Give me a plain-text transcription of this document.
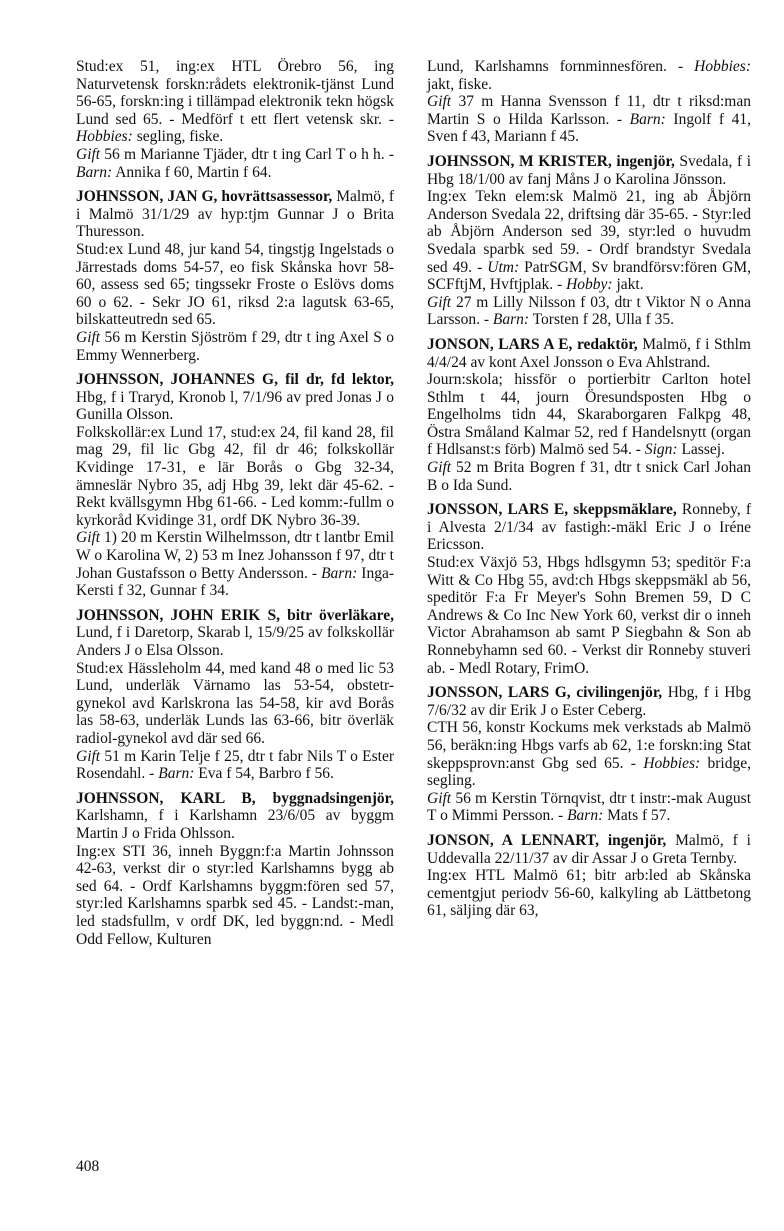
Stud:ex 51, ing:ex HTL Örebro 56, ing Naturvetensk forskn:rådets elektronik-tjänst Lund 56-65, forskn:ing i tillämpad elektronik tekn högsk Lund sed 65. - Medförf t ett flert vetensk skr. - Hobbies: segling, fiske.

Gift 56 m Marianne Tjäder, dtr t ing Carl T o h h. - Barn: Annika f 60, Martin f 64.

JOHNSSON, JAN G, hovrättsassessor, Malmö, f i Malmö 31/1/29 av hyp:tjm Gunnar J o Brita Thuresson.

Stud:ex Lund 48, jur kand 54, tingstjg Ingelstads o Järrestads doms 54-57, eo fisk Skånska hovr 58-60, assess sed 65; tingssekr Froste o Eslövs doms 60 o 62. - Sekr JO 61, riksd 2:a lagutsk 63-65, bilskatteutredn sed 65.

Gift 56 m Kerstin Sjöström f 29, dtr t ing Axel S o Emmy Wennerberg.

JOHNSSON, JOHANNES G, fil dr, fd lektor, Hbg, f i Traryd, Kronob l, 7/1/96 av pred Jonas J o Gunilla Olsson.

Folkskollär:ex Lund 17, stud:ex 24, fil kand 28, fil mag 29, fil lic Gbg 42, fil dr 46; folkskollär Kvidinge 17-31, e lär Borås o Gbg 32-34, ämneslär Nybro 35, adj Hbg 39, lekt där 45-62. - Rekt kvällsgymn Hbg 61-66. - Led komm:-fullm o kyrkoråd Kvidinge 31, ordf DK Nybro 36-39.

Gift 1) 20 m Kerstin Wilhelmsson, dtr t lantbr Emil W o Karolina W, 2) 53 m Inez Johansson f 97, dtr t Johan Gustafsson o Betty Andersson. - Barn: Inga-Kersti f 32, Gunnar f 34.

JOHNSSON, JOHN ERIK S, bitr överläkare, Lund, f i Daretorp, Skarab l, 15/9/25 av folkskollär Anders J o Elsa Olsson.

Stud:ex Hässleholm 44, med kand 48 o med lic 53 Lund, underläk Värnamo las 53-54, obstetr-gynekol avd Karlskrona las 54-58, kir avd Borås las 58-63, underläk Lunds las 63-66, bitr överläk radiol-gynekol avd där sed 66.

Gift 51 m Karin Telje f 25, dtr t fabr Nils T o Ester Rosendahl. - Barn: Eva f 54, Barbro f 56.

JOHNSSON, KARL B, byggnadsingenjör, Karlshamn, f i Karlshamn 23/6/05 av byggm Martin J o Frida Ohlsson.

Ing:ex STI 36, inneh Byggn:f:a Martin Johnsson 42-63, verkst dir o styr:led Karlshamns bygg ab sed 64. - Ordf Karlshamns byggm:fören sed 57, styr:led Karlshamns sparbk sed 45. - Landst:-man, led stadsfullm, v ordf DK, led byggn:nd. - Medl Odd Fellow, Kulturen

Lund, Karlshamns fornminnesfören. - Hobbies: jakt, fiske.

Gift 37 m Hanna Svensson f 11, dtr t riksd:man Martin S o Hilda Karlsson. - Barn: Ingolf f 41, Sven f 43, Mariann f 45.

JOHNSSON, M KRISTER, ingenjör, Svedala, f i Hbg 18/1/00 av fanj Måns J o Karolina Jönsson.

Ing:ex Tekn elem:sk Malmö 21, ing ab Åbjörn Anderson Svedala 22, driftsing där 35-65. - Styr:led ab Åbjörn Anderson sed 39, styr:led o huvudm Svedala sparbk sed 59. - Ordf brandstyr Svedala sed 49. - Utm: PatrSGM, Sv brandförsv:fören GM, SCFftjM, Hvftjplak. - Hobby: jakt.

Gift 27 m Lilly Nilsson f 03, dtr t Viktor N o Anna Larsson. - Barn: Torsten f 28, Ulla f 35.

JONSON, LARS A E, redaktör, Malmö, f i Sthlm 4/4/24 av kont Axel Jonsson o Eva Ahlstrand.

Journ:skola; hissför o portierbitr Carlton hotel Sthlm t 44, journ Öresundsposten Hbg o Engelholms tidn 44, Skaraborgaren Falkpg 48, Östra Småland Kalmar 52, red f Handelsnytt (organ f Hdlsanst:s förb) Malmö sed 54. - Sign: Lassej.

Gift 52 m Brita Bogren f 31, dtr t snick Carl Johan B o Ida Sund.

JONSSON, LARS E, skeppsmäklare, Ronneby, f i Alvesta 2/1/34 av fastigh:-mäkl Eric J o Iréne Ericsson.

Stud:ex Växjö 53, Hbgs hdlsgymn 53; speditör F:a Witt & Co Hbg 55, avd:ch Hbgs skeppsmäkl ab 56, speditör F:a Fr Meyer's Sohn Bremen 59, D C Andrews & Co Inc New York 60, verkst dir o inneh Victor Abrahamson ab samt P Siegbahn & Son ab Ronnebyhamn sed 60. - Verkst dir Ronneby stuveri ab. - Medl Rotary, FrimO.

JONSSON, LARS G, civilingenjör, Hbg, f i Hbg 7/6/32 av dir Erik J o Ester Ceberg.

CTH 56, konstr Kockums mek verkstads ab Malmö 56, beräkn:ing Hbgs varfs ab 62, 1:e forskn:ing Stat skeppsprovn:anst Gbg sed 65. - Hobbies: bridge, segling.

Gift 56 m Kerstin Törnqvist, dtr t instr:-mak August T o Mimmi Persson. - Barn: Mats f 57.

JONSON, A LENNART, ingenjör, Malmö, f i Uddevalla 22/11/37 av dir Assar J o Greta Ternby.

Ing:ex HTL Malmö 61; bitr arb:led ab Skånska cementgjut periodv 56-60, kalkyling ab Lättbetong 61, säljing där 63,

408
